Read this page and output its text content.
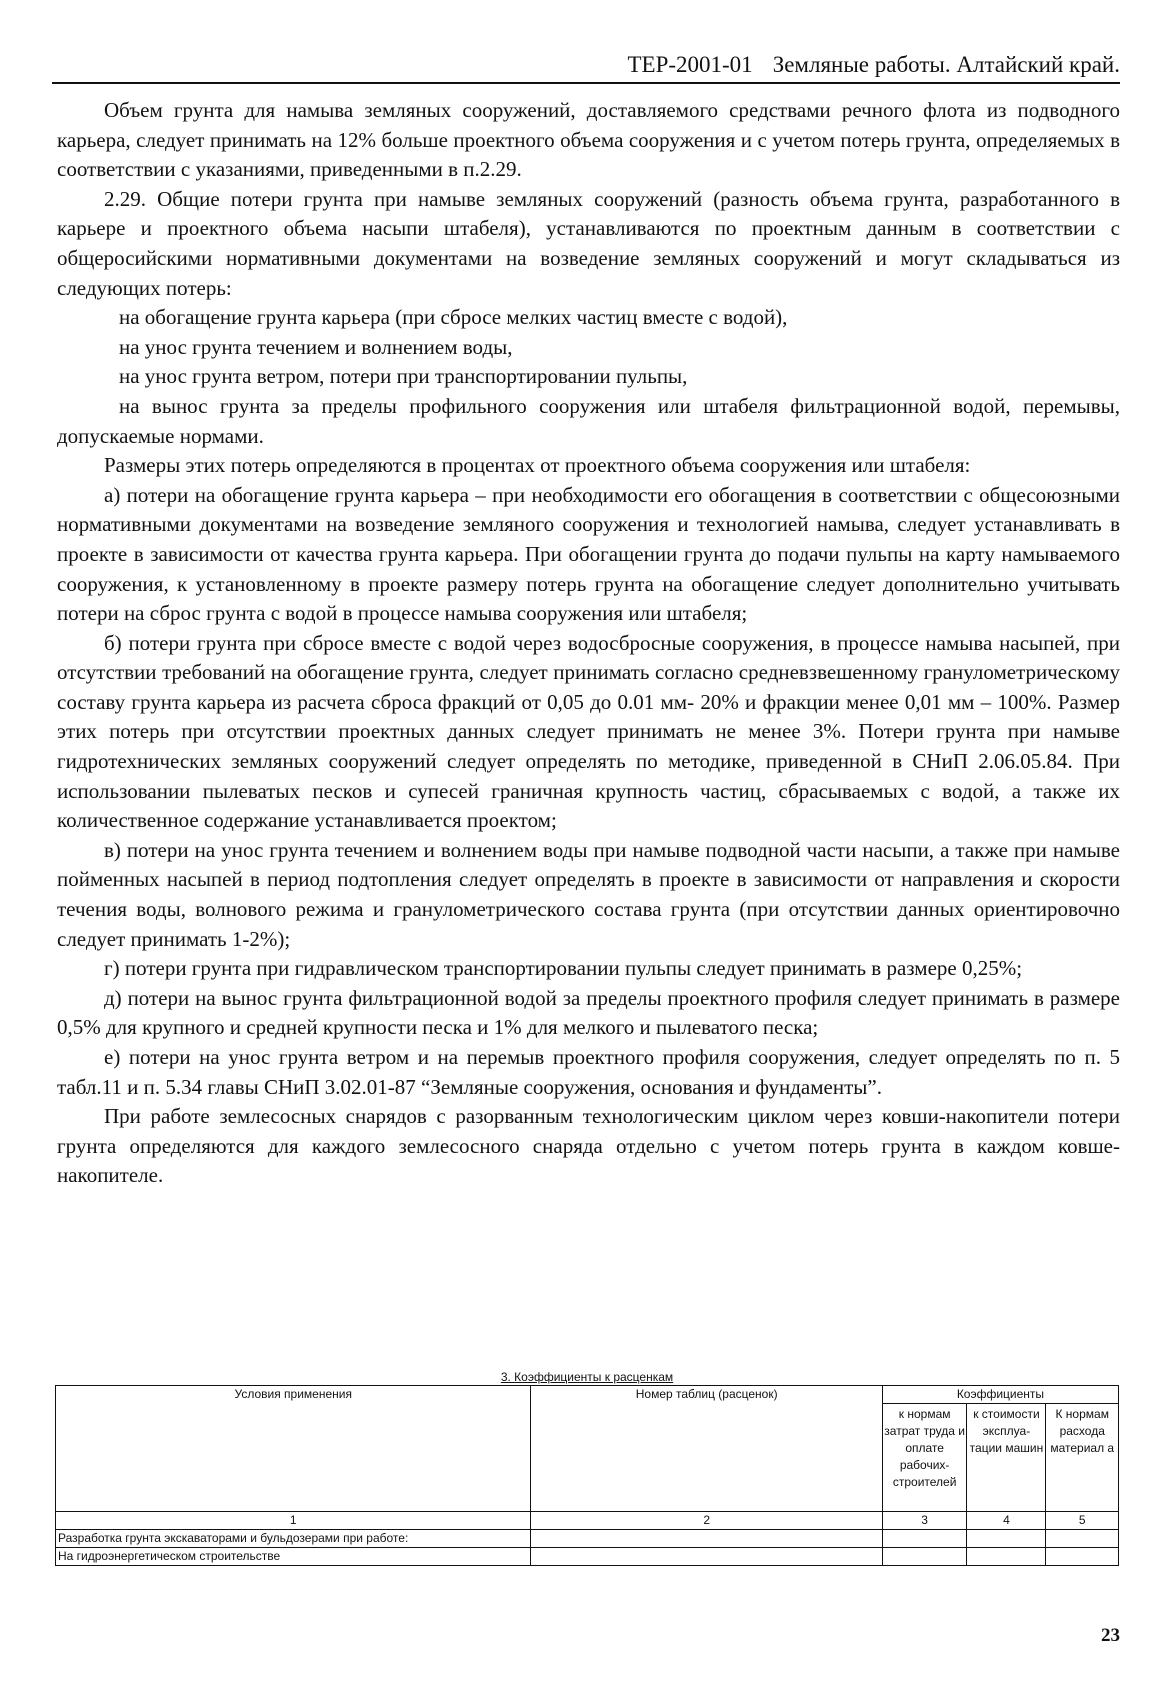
ТЕР-2001-01 Земляные работы. Алтайский край.

Объем грунта для намыва земляных сооружений, доставляемого средствами речного флота из подводного карьера, следует принимать на 12% больше проектного объема сооружения и с учетом потерь грунта, определяемых в соответствии с указаниями, приведенными в п.2.29.

2.29. Общие потери грунта при намыве земляных сооружений (разность объема грунта, разработанного в карьере и проектного объема насыпи штабеля), устанавливаются по проектным данным в соответствии с общеросийскими нормативными документами на возведение земляных сооружений и могут складываться из следующих потерь:

на обогащение грунта карьера (при сбросе мелких частиц вместе с водой),

на унос грунта течением и волнением воды,

на унос грунта ветром, потери при транспортировании пульпы,

на вынос грунта за пределы профильного сооружения или штабеля фильтрационной водой, перемывы, допускаемые нормами.

Размеры этих потерь определяются в процентах от проектного объема сооружения или штабеля:

а) потери на обогащение грунта карьера – при необходимости его обогащения в соответствии с общесоюзными нормативными документами на возведение земляного сооружения и технологией намыва, следует устанавливать в проекте в зависимости от качества грунта карьера. При обогащении грунта до подачи пульпы на карту намываемого сооружения, к установленному в проекте размеру потерь грунта на обогащение следует дополнительно учитывать потери на сброс грунта с водой в процессе намыва сооружения или штабеля;

б) потери грунта при сбросе вместе с водой через водосбросные сооружения, в процессе намыва насыпей, при отсутствии требований на обогащение грунта, следует принимать согласно средневзвешенному гранулометрическому составу грунта карьера из расчета сброса фракций от 0,05 до 0.01 мм- 20% и фракции менее 0,01 мм – 100%. Размер этих потерь при отсутствии проектных данных следует принимать не менее 3%. Потери грунта при намыве гидротехнических земляных сооружений следует определять по методике, приведенной в СНиП 2.06.05.84. При использовании пылеватых песков и супесей граничная крупность частиц, сбрасываемых с водой, а также их количественное содержание устанавливается проектом;

в) потери на унос грунта течением и волнением воды при намыве подводной части насыпи, а также при намыве пойменных насыпей в период подтопления следует определять в проекте в зависимости от направления и скорости течения воды, волнового режима и гранулометрического состава грунта (при отсутствии данных ориентировочно следует принимать 1-2%);

г) потери грунта при гидравлическом транспортировании пульпы следует принимать в размере 0,25%;

д) потери на вынос грунта фильтрационной водой за пределы проектного профиля следует принимать в размере 0,5% для крупного и средней крупности песка и 1% для мелкого и пылеватого песка;

е) потери на унос грунта ветром и на перемыв проектного профиля сооружения, следует определять по п. 5 табл.11 и п. 5.34 главы СНиП 3.02.01-87 “Земляные сооружения, основания и фундаменты”.

При работе землесосных снарядов с разорванным технологическим циклом через ковши-накопители потери грунта определяются для каждого землесосного снаряда отдельно с учетом потерь грунта в каждом ковше-накопителе.

3. Коэффициенты к расценкам
Условия применения	Номер таблиц (расценок)	Коэффициенты		
		к нормам затрат труда и оплате рабочих-строителей	к стоимости эксплуа-тации машин	К нормам расхода материал а
1	2	3	4	5
Разработка грунта экскаваторами и бульдозерами при работе:				
На гидроэнергетическом строительстве				
23
